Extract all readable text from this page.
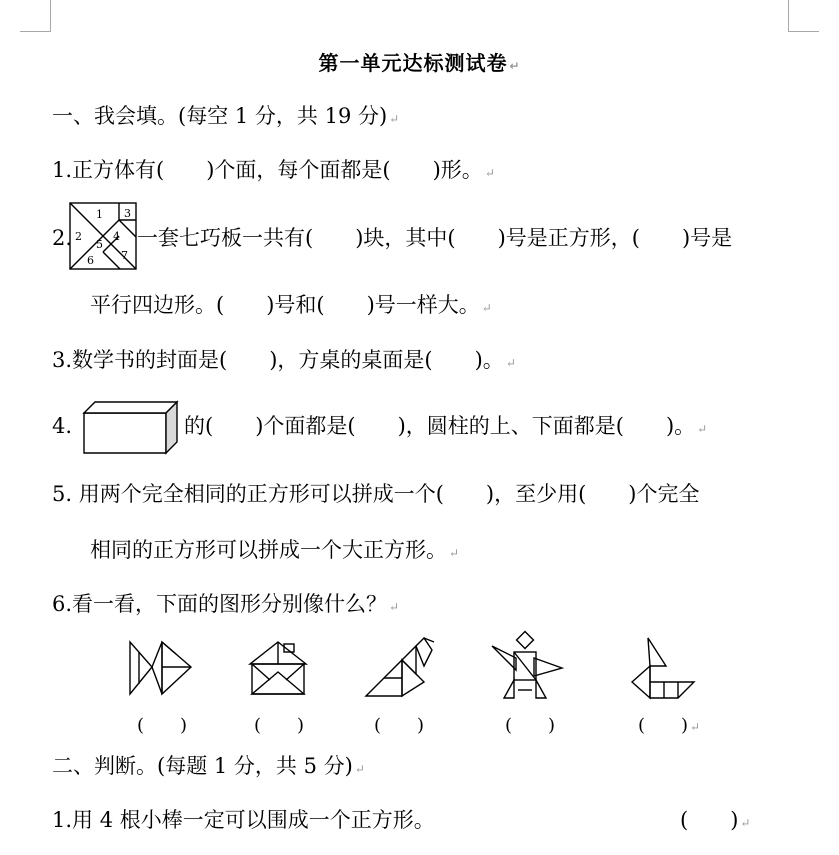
第一单元达标测试卷 ↵
一、我会填。(每空 1 分，共 19 分) ↵
1.正方体有(　　)个面，每个面都是(　　)形。 ↵
2.
1
2
3
4
5
6 7
一套七巧板一共有(　　)块，其中(　　)号是正方形，(　　)号是
平行四边形。(　　)号和(　　)号一样大。 ↵
3.数学书的封面是(　　)，方桌的桌面是(　　)。 ↵
4.	的(　　)个面都是(　　)，圆柱的上、下面都是(　　)。 ↵
5. 用两个完全相同的正方形可以拼成一个(　　)，至少用(　　)个完全
相同的正方形可以拼成一个大正方形。 ↵
6.看一看，下面的图形分别像什么？ ↵
(　　)	(　　)	(　　)	(　　)	(　　) ↵
二、判断。(每题 1 分，共 5 分) ↵
1.用 4 根小棒一定可以围成一个正方形。	(　　) ↵
